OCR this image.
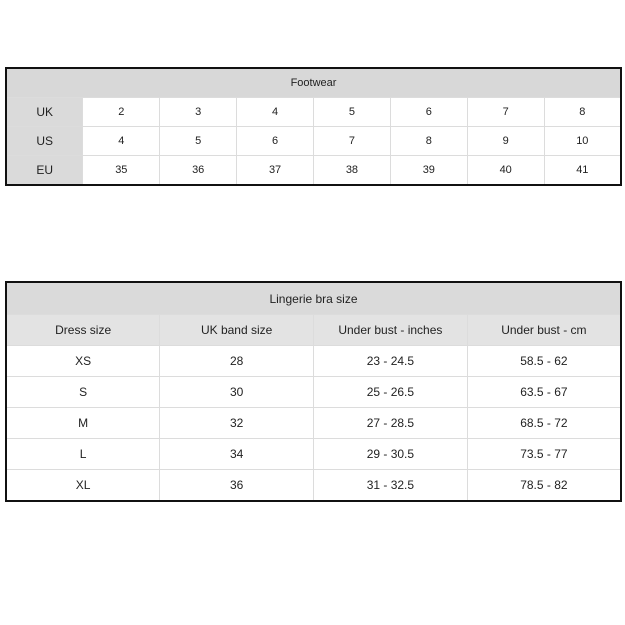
Footwear							
UK	2	3	4	5	6	7	8
US	4	5	6	7	8	9	10
EU	35	36	37	38	39	40	41
Lingerie bra size			
Dress size	UK band size	Under bust - inches	Under bust - cm
XS	28	23 - 24.5	58.5 - 62
S	30	25 - 26.5	63.5 - 67
M	32	27 - 28.5	68.5 - 72
L	34	29 - 30.5	73.5 - 77
XL	36	31 - 32.5	78.5 - 82
